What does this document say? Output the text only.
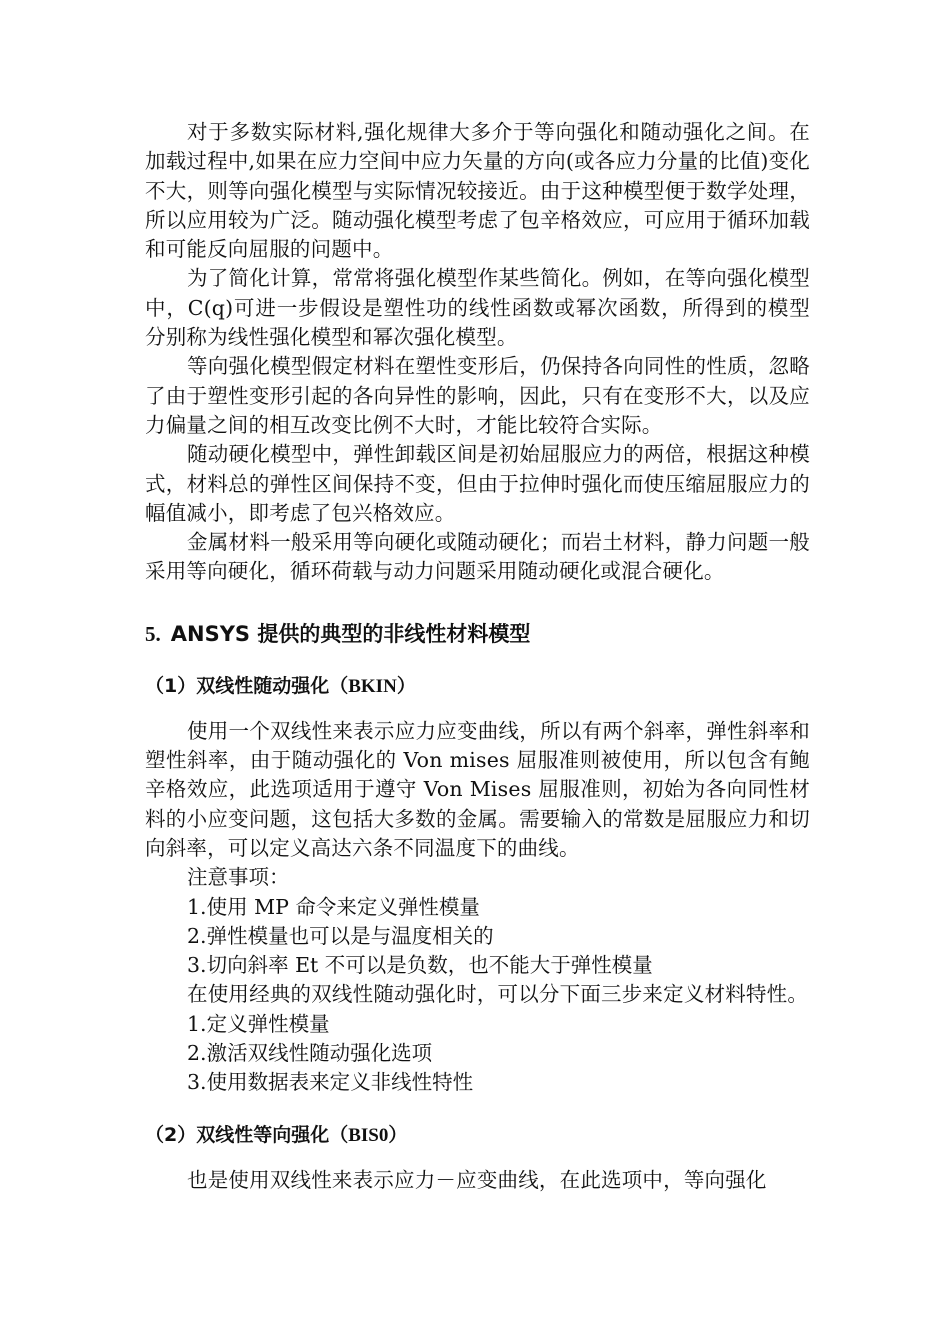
对于多数实际材料,强化规律大多介于等向强化和随动强化之间。在加载过程中,如果在应力空间中应力矢量的方向(或各应力分量的比值)变化不大，则等向强化模型与实际情况较接近。由于这种模型便于数学处理，所以应用较为广泛。随动强化模型考虑了包辛格效应，可应用于循环加载和可能反向屈服的问题中。

为了简化计算，常常将强化模型作某些简化。例如，在等向强化模型中，C(q)可进一步假设是塑性功的线性函数或幂次函数，所得到的模型分别称为线性强化模型和幂次强化模型。

等向强化模型假定材料在塑性变形后，仍保持各向同性的性质，忽略了由于塑性变形引起的各向异性的影响，因此，只有在变形不大，以及应力偏量之间的相互改变比例不大时，才能比较符合实际。

随动硬化模型中，弹性卸载区间是初始屈服应力的两倍，根据这种模式，材料总的弹性区间保持不变，但由于拉伸时强化而使压缩屈服应力的幅值减小，即考虑了包兴格效应。

金属材料一般采用等向硬化或随动硬化；而岩土材料，静力问题一般采用等向硬化，循环荷载与动力问题采用随动硬化或混合硬化。

5. ANSYS 提供的典型的非线性材料模型
（1）双线性随动强化（BKIN）

使用一个双线性来表示应力应变曲线，所以有两个斜率，弹性斜率和塑性斜率，由于随动强化的 Von mises 屈服准则被使用，所以包含有鲍辛格效应，此选项适用于遵守 Von Mises 屈服准则，初始为各向同性材料的小应变问题，这包括大多数的金属。需要输入的常数是屈服应力和切向斜率，可以定义高达六条不同温度下的曲线。

注意事项：

1.使用 MP 命令来定义弹性模量

2.弹性模量也可以是与温度相关的

3.切向斜率 Et 不可以是负数，也不能大于弹性模量

在使用经典的双线性随动强化时，可以分下面三步来定义材料特性。

1.定义弹性模量

2.激活双线性随动强化选项

3.使用数据表来定义非线性特性

（2）双线性等向强化（BIS0）

也是使用双线性来表示应力－应变曲线，在此选项中，等向强化
